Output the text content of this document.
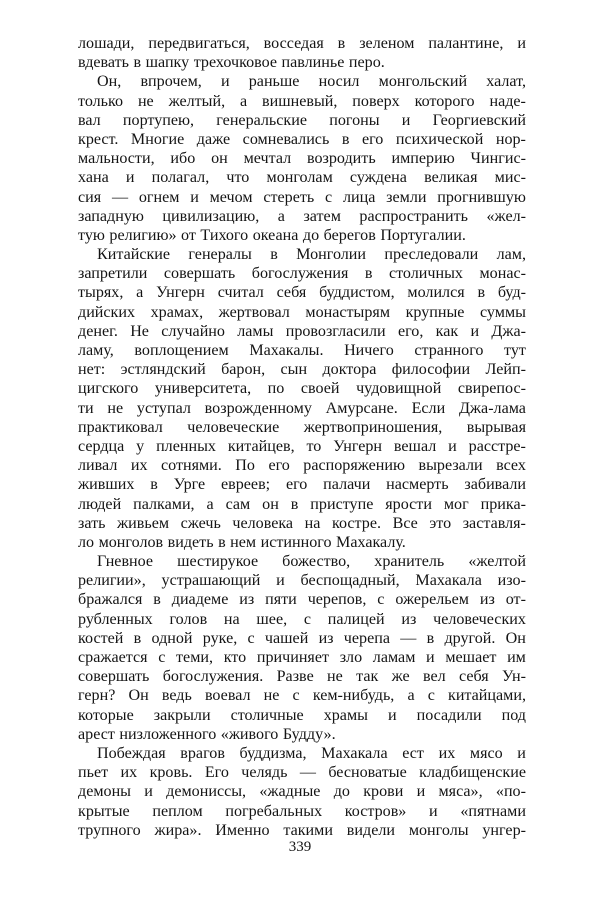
лошади, передвигаться, восседая в зеленом палантине, и
вдевать в шапку трехочковое павлинье перо.
Он, впрочем, и раньше носил монгольский халат,
только не желтый, а вишневый, поверх которого надe-
вал портупею, генеральские погоны и Георгиевский
крест. Многие даже сомневались в его психической нор-
мальности, ибо он мечтал возродить империю Чингис-
хана и полагал, что монголам суждена великая мис-
сия — огнем и мечом стереть с лица земли прогнившую
западную цивилизацию, а затем распространить «жел-
тую религию» от Тихого океана до берегов Португалии.
Китайские генералы в Монголии преследовали лам,
запретили совершать богослужения в столичных монас-
тырях, а Унгерн считал себя буддистом, молился в буд-
дийских храмах, жертвовал монастырям крупные суммы
денег. Не случайно ламы провозгласили его, как и Джа-
ламу, воплощением Махакалы. Ничего странного тут
нет: эстляндский барон, сын доктора философии Лейп-
цигского университета, по своей чудовищной свирепос-
ти не уступал возрожденному Амурсане. Если Джа-лама
практиковал человеческие жертвоприношения, вырывая
сердца у пленных китайцев, то Унгерн вешал и расстре-
ливал их сотнями. По его распоряжению вырезали всех
живших в Урге евреев; его палачи насмерть забивали
людей палками, а сам он в приступе ярости мог прика-
зать живьем сжечь человека на костре. Все это заставля-
ло монголов видеть в нем истинного Махакалу.
Гневное шестирукое божество, хранитель «желтой
религии», устрашающий и беспощадный, Махакала изо-
бражался в диадеме из пяти черепов, с ожерельем из от-
рубленных голов на шее, с палицей из человеческих
костей в одной руке, с чашей из черепа — в другой. Он
сражается с теми, кто причиняет зло ламам и мешает им
совершать богослужения. Разве не так же вел себя Ун-
герн? Он ведь воевал не с кем-нибудь, а с китайцами,
которые закрыли столичные храмы и посадили под
арест низложенного «живого Будду».
Побеждая врагов буддизма, Махакала ест их мясо и
пьет их кровь. Его челядь — бесноватые кладбищенские
демоны и демониссы, «жадные до крови и мяса», «по-
крытые пеплом погребальных костров» и «пятнами
трупного жира». Именно такими видели монголы унгер-
339
